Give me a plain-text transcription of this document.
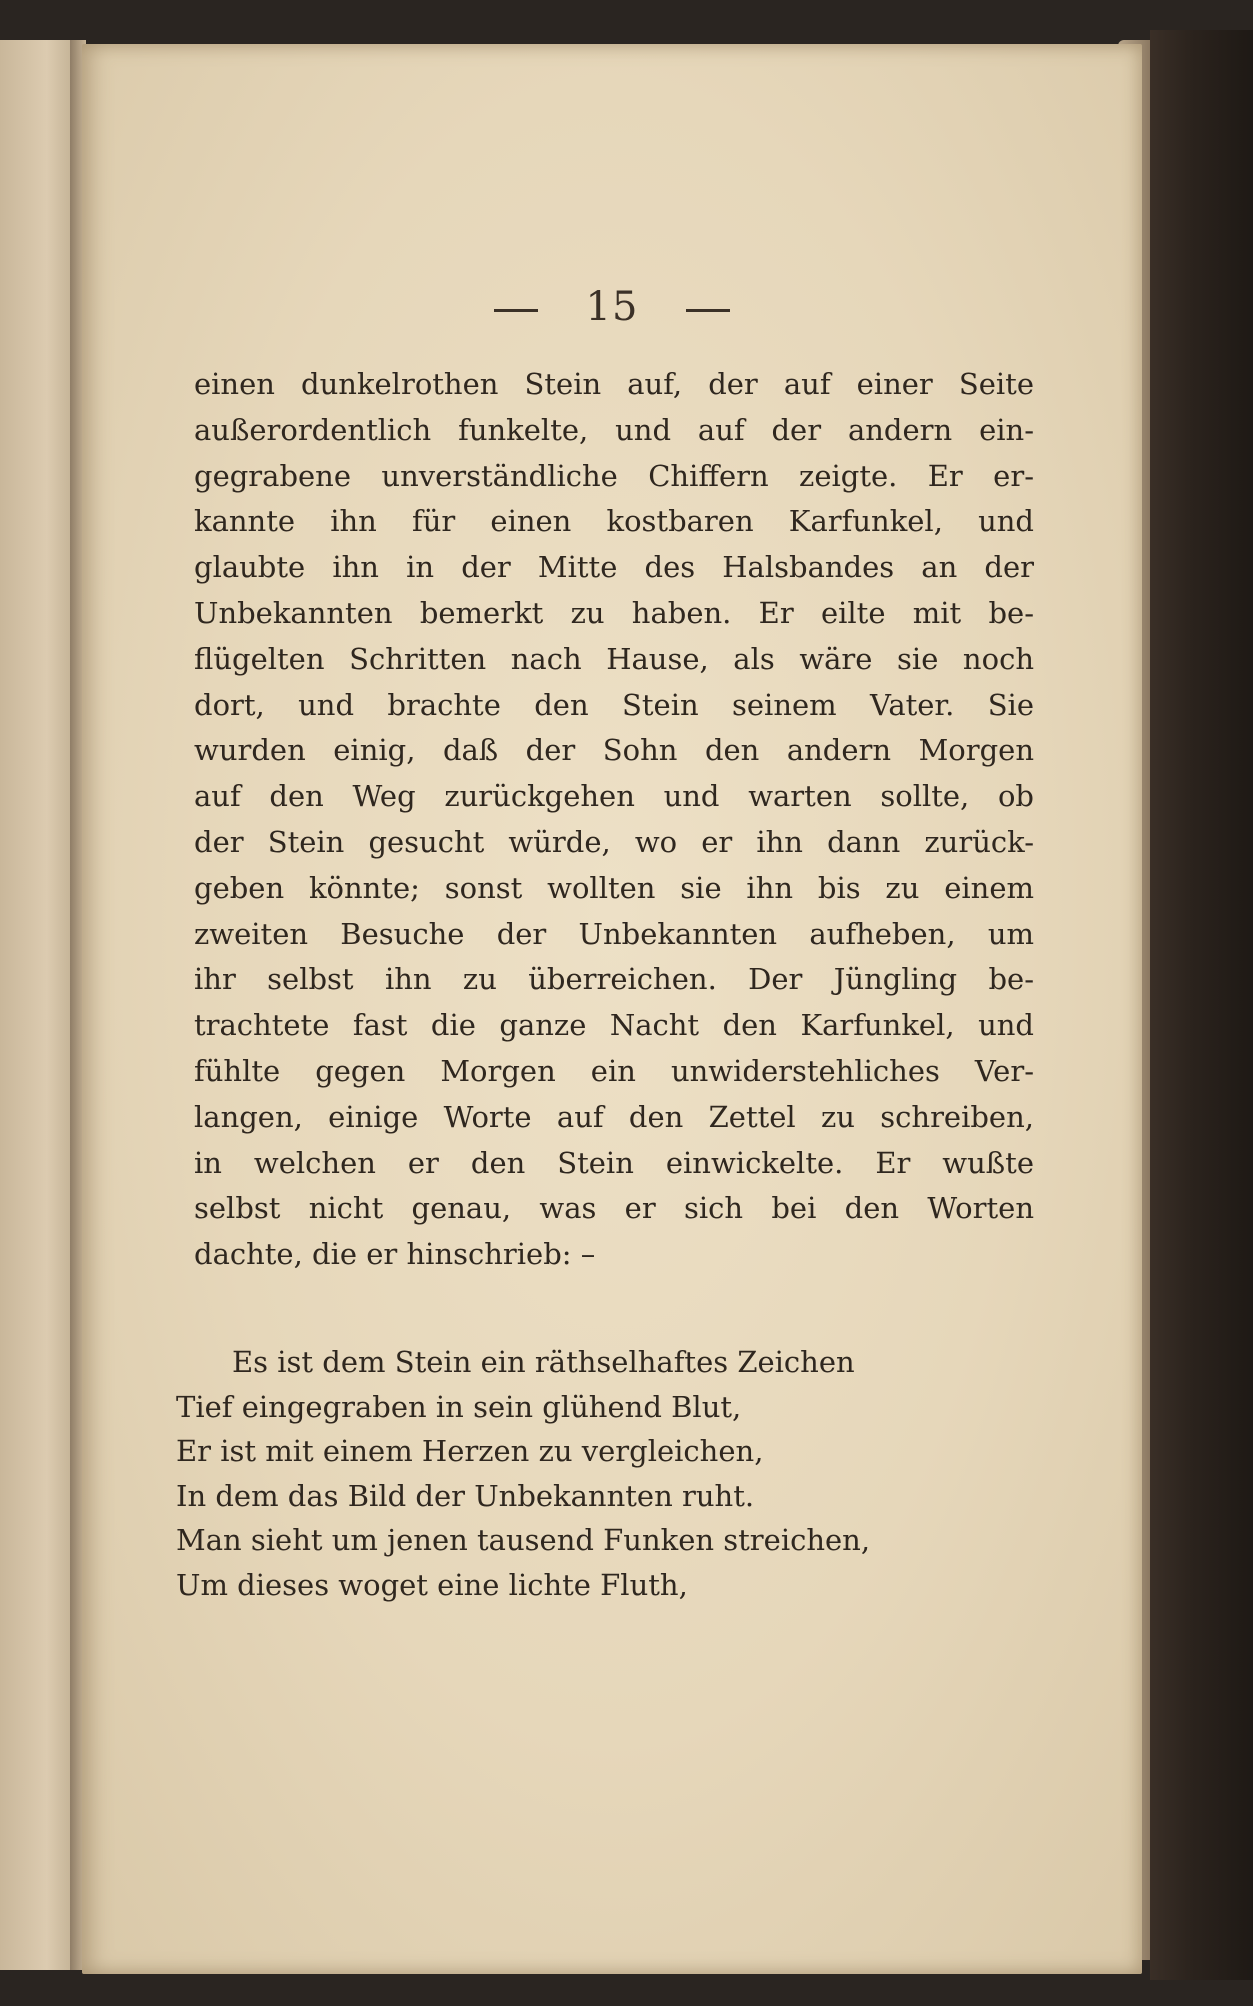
15
einen dunkelrothen Stein auf, der auf einer Seite
außerordentlich funkelte, und auf der andern ein-
gegrabene unverständliche Chiffern zeigte. Er er-
kannte ihn für einen kostbaren Karfunkel, und
glaubte ihn in der Mitte des Halsbandes an der
Unbekannten bemerkt zu haben. Er eilte mit be-
flügelten Schritten nach Hause, als wäre sie noch
dort, und brachte den Stein seinem Vater. Sie
wurden einig, daß der Sohn den andern Morgen
auf den Weg zurückgehen und warten sollte, ob
der Stein gesucht würde, wo er ihn dann zurück-
geben könnte; sonst wollten sie ihn bis zu einem
zweiten Besuche der Unbekannten aufheben, um
ihr selbst ihn zu überreichen. Der Jüngling be-
trachtete fast die ganze Nacht den Karfunkel, und
fühlte gegen Morgen ein unwiderstehliches Ver-
langen, einige Worte auf den Zettel zu schreiben,
in welchen er den Stein einwickelte. Er wußte
selbst nicht genau, was er sich bei den Worten
dachte, die er hinschrieb: –
Es ist dem Stein ein räthselhaftes Zeichen
Tief eingegraben in sein glühend Blut,
Er ist mit einem Herzen zu vergleichen,
In dem das Bild der Unbekannten ruht.
Man sieht um jenen tausend Funken streichen,
Um dieses woget eine lichte Fluth,
